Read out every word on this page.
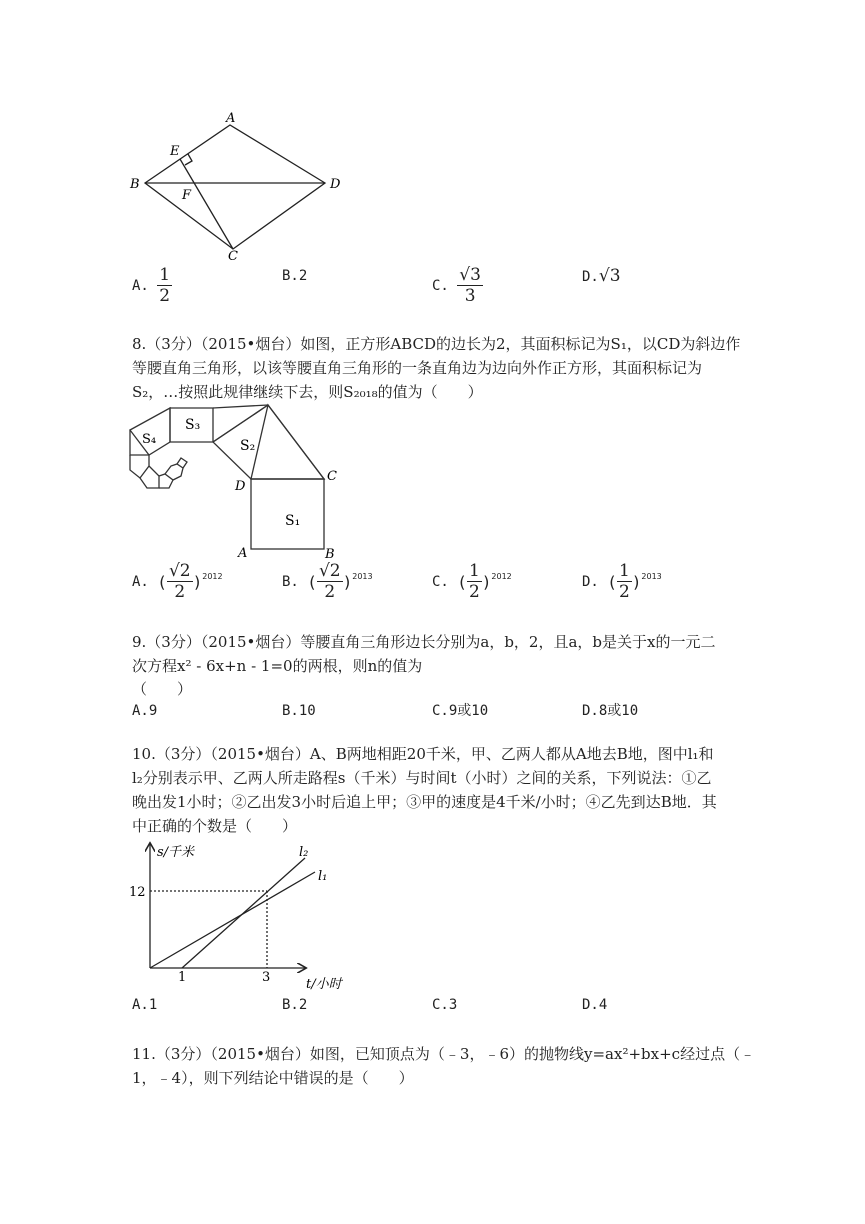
A
B
C
D
E
F
A. $\frac{1}{2}$	B.2
C. $\frac{√3}{3}$	D.√3
8.（3分）（2015•烟台）如图，正方形ABCD的边长为2，其面积标记为S₁，以CD为斜边作
等腰直角三角形，以该等腰直角三角形的一条直角边为边向外作正方形，其面积标记为
S₂，…按照此规律继续下去，则S₂₀₁₈的值为（　　）
S₁
S₂
S₃
S₄
A	B
C
D
A. ( $\frac{√2}{2} )^{2012}$	B. ( $\frac{√2}{2} )^{2013}$	C. ( $\frac{1}{2} )^{2012}$	D. ( $\frac{1}{2} )^{2013}$
9.（3分）（2015•烟台）等腰直角三角形边长分别为a，b，2，且a，b是关于x的一元二
次方程x² - 6x+n - 1=0的两根，则n的值为
（　　）
A.9	B.10	C.9或10	D.8或10
10.（3分）（2015•烟台）A、B两地相距20千米，甲、乙两人都从A地去B地，图中l₁和
l₂分别表示甲、乙两人所走路程s（千米）与时间t（小时）之间的关系，下列说法：①乙
晚出发1小时；②乙出发3小时后追上甲；③甲的速度是4千米/小时；④乙先到达B地．其
中正确的个数是（　　）
s/千米
12
1	3	t/小时
l₁
l₂
A.1	B.2	C.3	D.4
11.（3分）（2015•烟台）如图，已知顶点为（﹣3，﹣6）的抛物线y=ax²+bx+c经过点（﹣
1，﹣4），则下列结论中错误的是（　　）
